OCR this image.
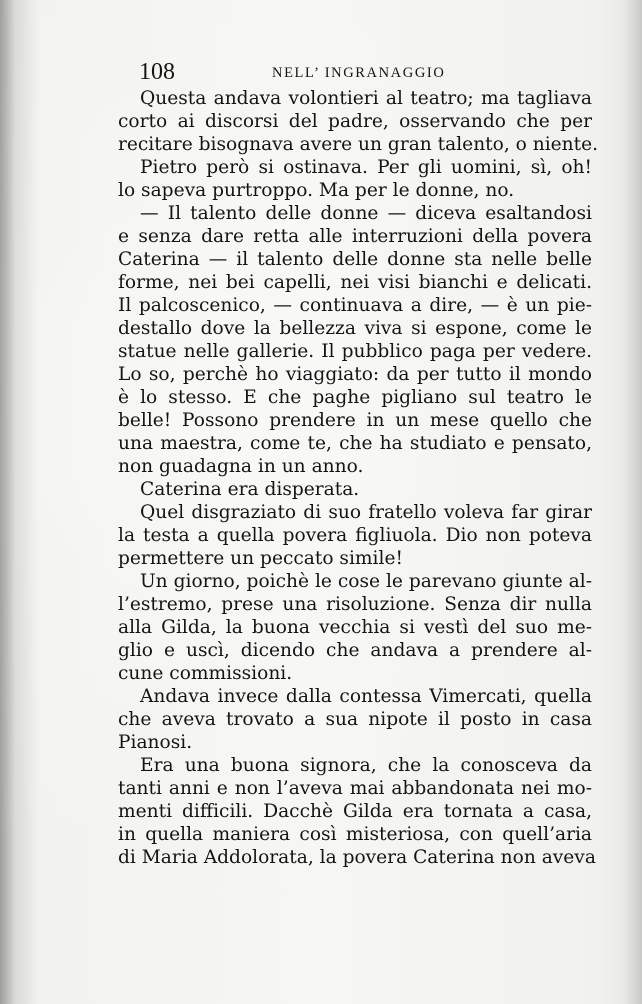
108	NELL’ INGRANAGGIO
Questa andava volontieri al teatro; ma tagliava
corto ai discorsi del padre, osservando che per
recitare bisognava avere un gran talento, o niente.
Pietro però si ostinava. Per gli uomini, sì, oh!
lo sapeva purtroppo. Ma per le donne, no.
— Il talento delle donne — diceva esaltandosi
e senza dare retta alle interruzioni della povera
Caterina — il talento delle donne sta nelle belle
forme, nei bei capelli, nei visi bianchi e delicati.
Il palcoscenico, — continuava a dire, — è un pie-
destallo dove la bellezza viva si espone, come le
statue nelle gallerie. Il pubblico paga per vedere.
Lo so, perchè ho viaggiato: da per tutto il mondo
è lo stesso. E che paghe pigliano sul teatro le
belle! Possono prendere in un mese quello che
una maestra, come te, che ha studiato e pensato,
non guadagna in un anno.
Caterina era disperata.
Quel disgraziato di suo fratello voleva far girar
la testa a quella povera figliuola. Dio non poteva
permettere un peccato simile!
Un giorno, poichè le cose le parevano giunte al-
l’estremo, prese una risoluzione. Senza dir nulla
alla Gilda, la buona vecchia si vestì del suo me-
glio e uscì, dicendo che andava a prendere al-
cune commissioni.
Andava invece dalla contessa Vimercati, quella
che aveva trovato a sua nipote il posto in casa
Pianosi.
Era una buona signora, che la conosceva da
tanti anni e non l’aveva mai abbandonata nei mo-
menti difficili. Dacchè Gilda era tornata a casa,
in quella maniera così misteriosa, con quell’aria
di Maria Addolorata, la povera Caterina non aveva
